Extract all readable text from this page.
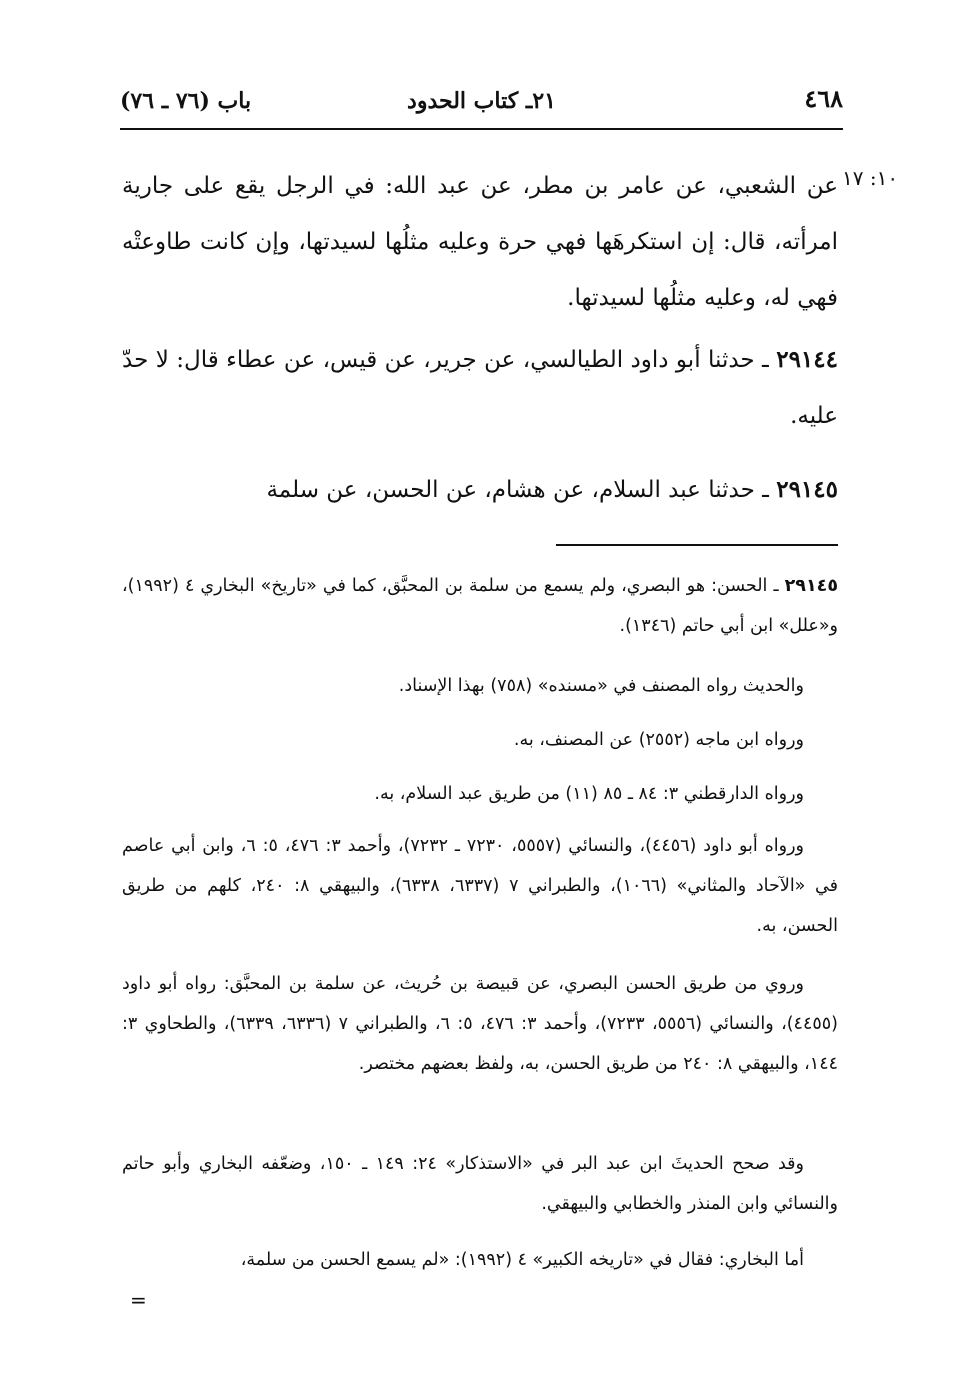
٤٦٨
٢١ـ كتاب الحدود
باب (٧٦ ـ ٧٦)
١٠: ١٧
عن الشعبي، عن عامر بن مطر، عن عبد الله: في الرجل يقع على جارية امرأته، قال: إن استكرهَها فهي حرة وعليه مثلُها لسيدتها، وإن كانت طاوعتْه فهي له، وعليه مثلُها لسيدتها.
٢٩١٤٤ ـ حدثنا أبو داود الطيالسي، عن جرير، عن قيس، عن عطاء قال: لا حدّ عليه.
٢٩١٤٥ ـ حدثنا عبد السلام، عن هشام، عن الحسن، عن سلمة
٢٩١٤٥ ـ الحسن: هو البصري، ولم يسمع من سلمة بن المحبَّق، كما في «تاريخ» البخاري ٤ (١٩٩٢)، و«علل» ابن أبي حاتم (١٣٤٦).
والحديث رواه المصنف في «مسنده» (٧٥٨) بهذا الإسناد.
ورواه ابن ماجه (٢٥٥٢) عن المصنف، به.
ورواه الدارقطني ٣: ٨٤ ـ ٨٥ (١١) من طريق عبد السلام، به.
ورواه أبو داود (٤٤٥٦)، والنسائي (٥٥٥٧، ٧٢٣٠ ـ ٧٢٣٢)، وأحمد ٣: ٤٧٦، ٥: ٦، وابن أبي عاصم في «الآحاد والمثاني» (١٠٦٦)، والطبراني ٧ (٦٣٣٧، ٦٣٣٨)، والبيهقي ٨: ٢٤٠، كلهم من طريق الحسن، به.
وروي من طريق الحسن البصري، عن قبيصة بن حُريث، عن سلمة بن المحبَّق: رواه أبو داود (٤٤٥٥)، والنسائي (٥٥٥٦، ٧٢٣٣)، وأحمد ٣: ٤٧٦، ٥: ٦، والطبراني ٧ (٦٣٣٦، ٦٣٣٩)، والطحاوي ٣: ١٤٤، والبيهقي ٨: ٢٤٠ من طريق الحسن، به، ولفظ بعضهم مختصر.
وقد صحح الحديثَ ابن عبد البر في «الاستذكار» ٢٤: ١٤٩ ـ ١٥٠، وضعّفه البخاري وأبو حاتم والنسائي وابن المنذر والخطابي والبيهقي.
أما البخاري: فقال في «تاريخه الكبير» ٤ (١٩٩٢): «لم يسمع الحسن من سلمة،
=
